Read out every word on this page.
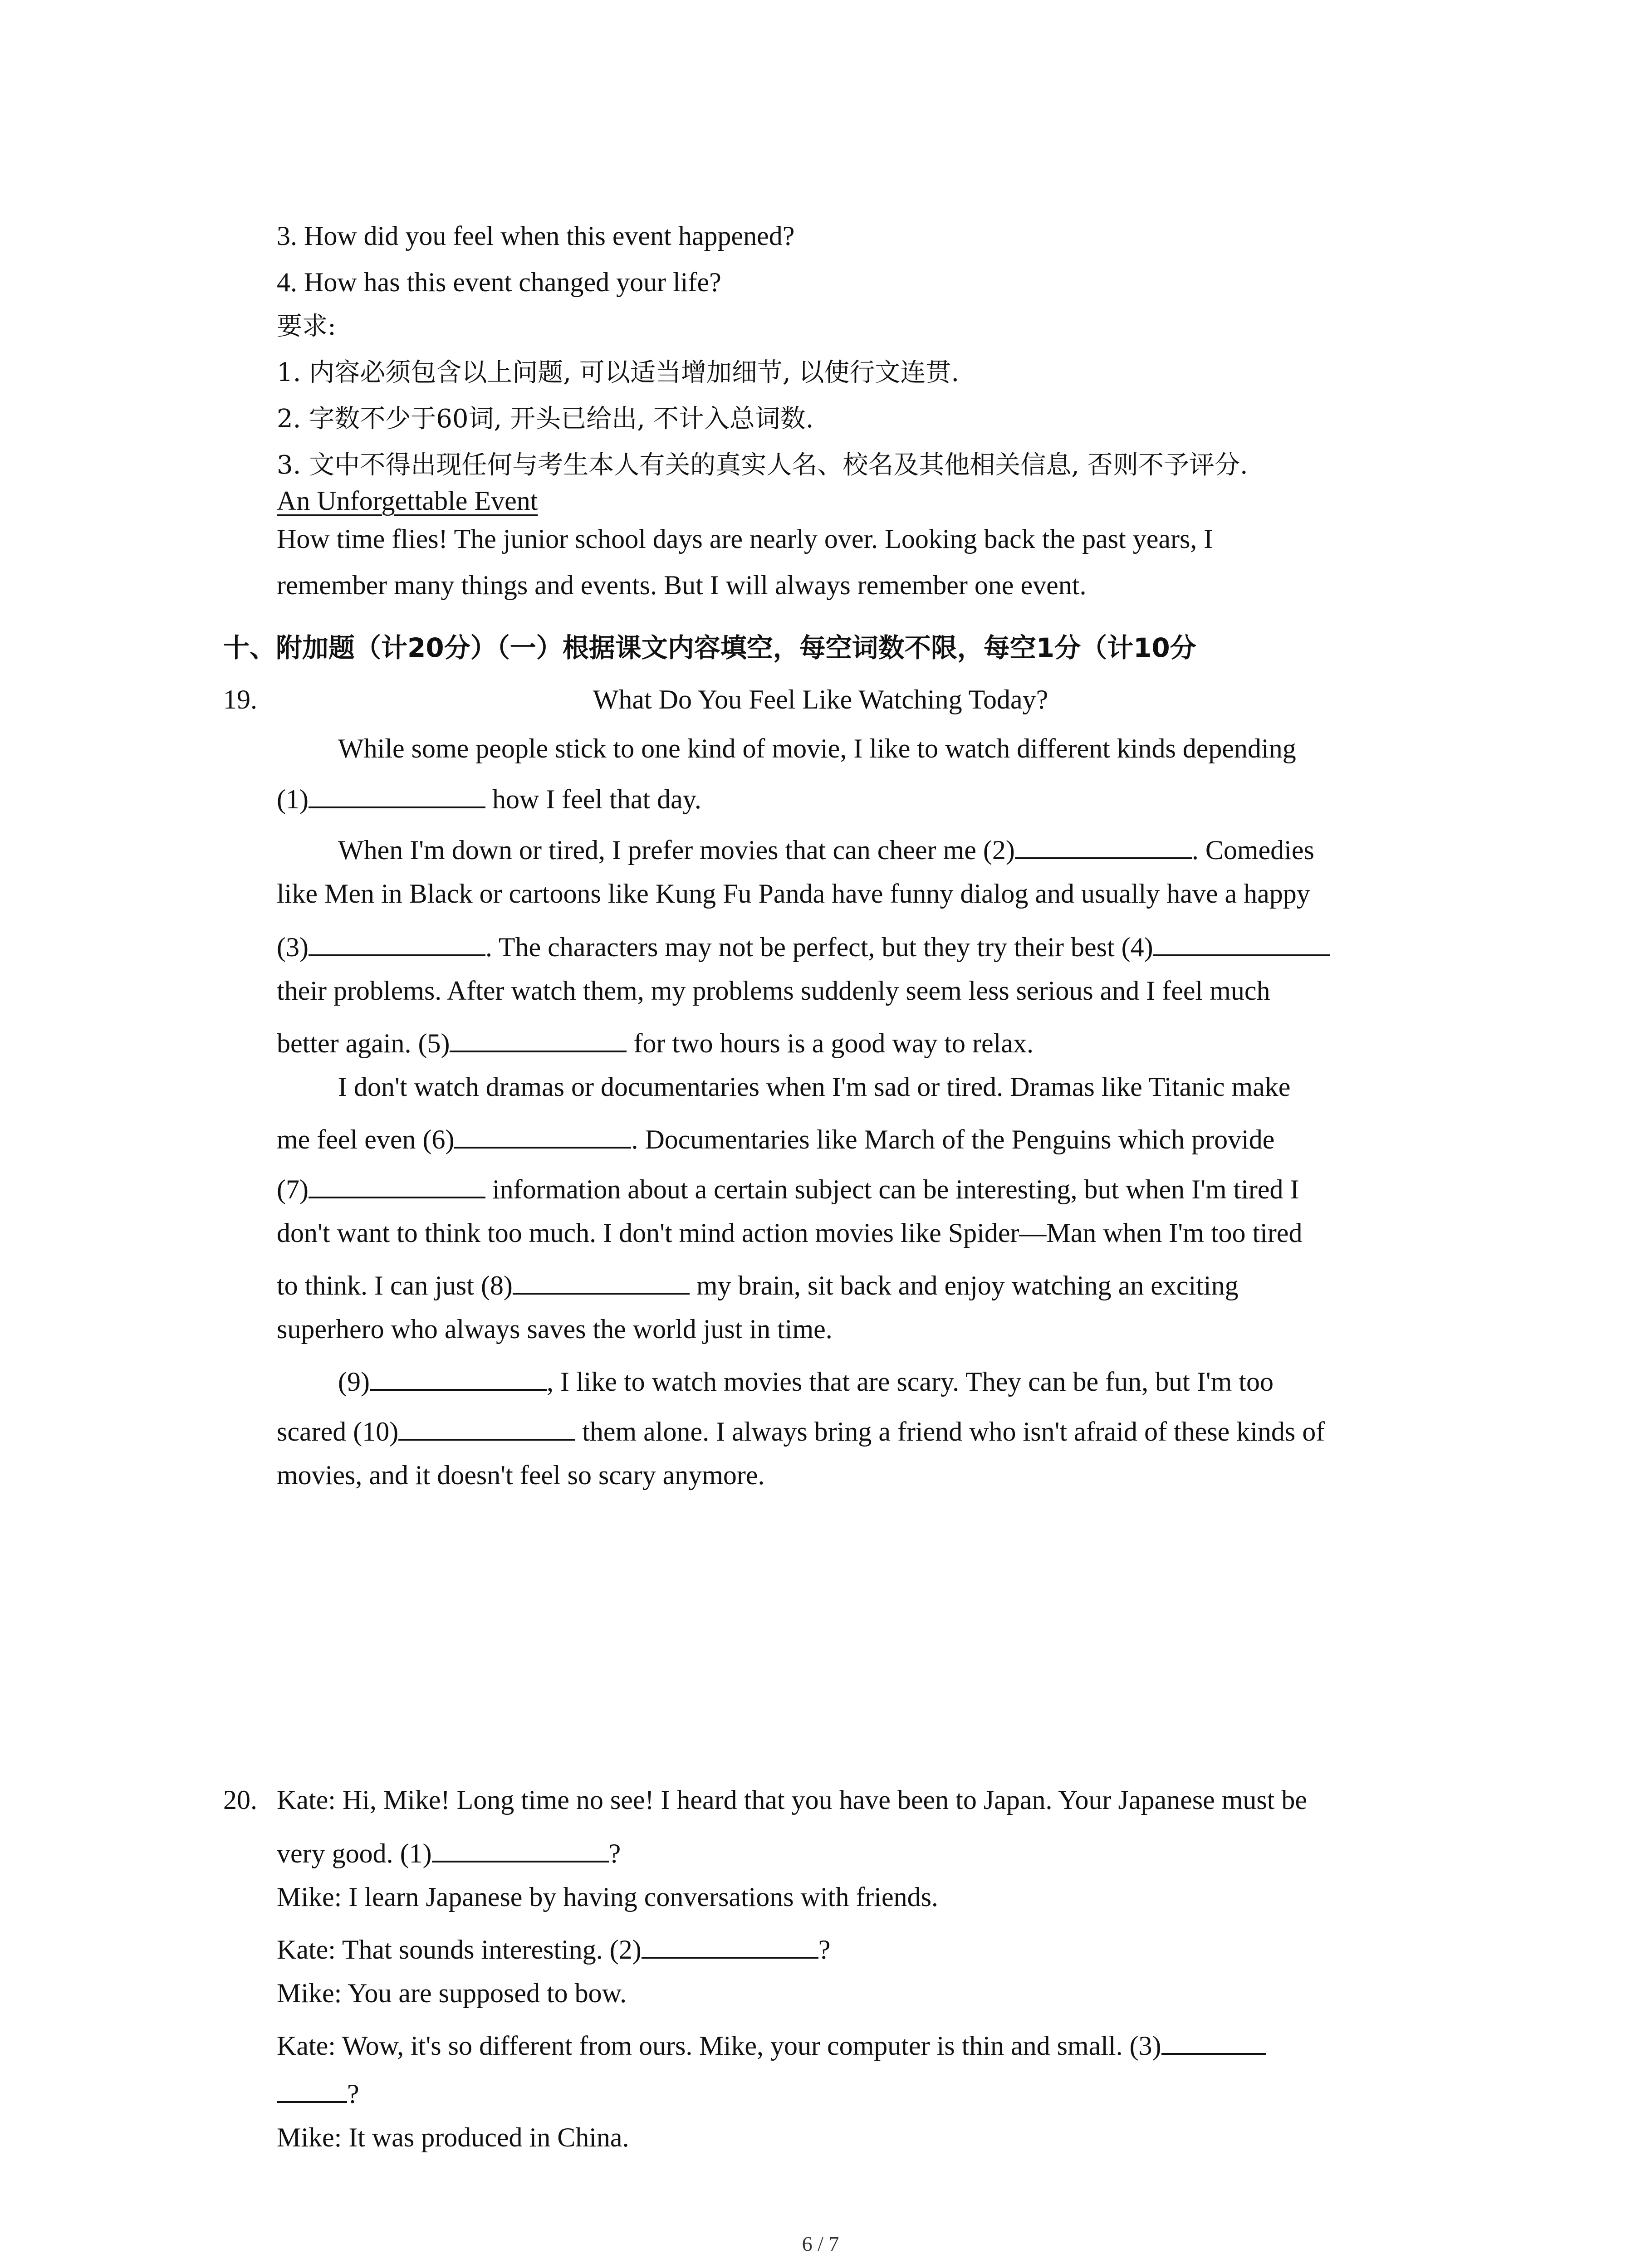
3. How did you feel when this event happened?
4. How has this event changed your life?
要求:
1. 内容必须包含以上问题, 可以适当增加细节, 以使行文连贯.
2. 字数不少于60词, 开头已给出, 不计入总词数.
3. 文中不得出现任何与考生本人有关的真实人名、校名及其他相关信息, 否则不予评分.
An Unforgettable Event
How time flies! The junior school days are nearly over. Looking back the past years, I
remember many things and events. But I will always remember one event.
十、附加题（计20分）（一）根据课文内容填空，每空词数不限，每空1分（计10分
19.	What Do You Feel Like Watching Today?
While some people stick to one kind of movie, I like to watch different kinds depending
(1)	how I feel that day.
When I'm down or tired, I prefer movies that can cheer me (2)	. Comedies
like Men in Black or cartoons like Kung Fu Panda have funny dialog and usually have a happy
(3)	. The characters may not be perfect, but they try their best (4)
their problems. After watch them, my problems suddenly seem less serious and I feel much
better again. (5)	for two hours is a good way to relax.
I don't watch dramas or documentaries when I'm sad or tired. Dramas like Titanic make
me feel even (6)	. Documentaries like March of the Penguins which provide
(7)	information about a certain subject can be interesting, but when I'm tired I
don't want to think too much. I don't mind action movies like Spider—Man when I'm too tired
to think. I can just (8)	my brain, sit back and enjoy watching an exciting
superhero who always saves the world just in time.
(9)	, I like to watch movies that are scary. They can be fun, but I'm too
scared (10)	them alone. I always bring a friend who isn't afraid of these kinds of
movies, and it doesn't feel so scary anymore.
20. Kate: Hi, Mike! Long time no see! I heard that you have been to Japan. Your Japanese must be
very good. (1)	?
Mike: I learn Japanese by having conversations with friends.
Kate: That sounds interesting. (2)	?
Mike: You are supposed to bow.
Kate: Wow, it's so different from ours. Mike, your computer is thin and small. (3)
?
Mike: It was produced in China.
6 / 7
